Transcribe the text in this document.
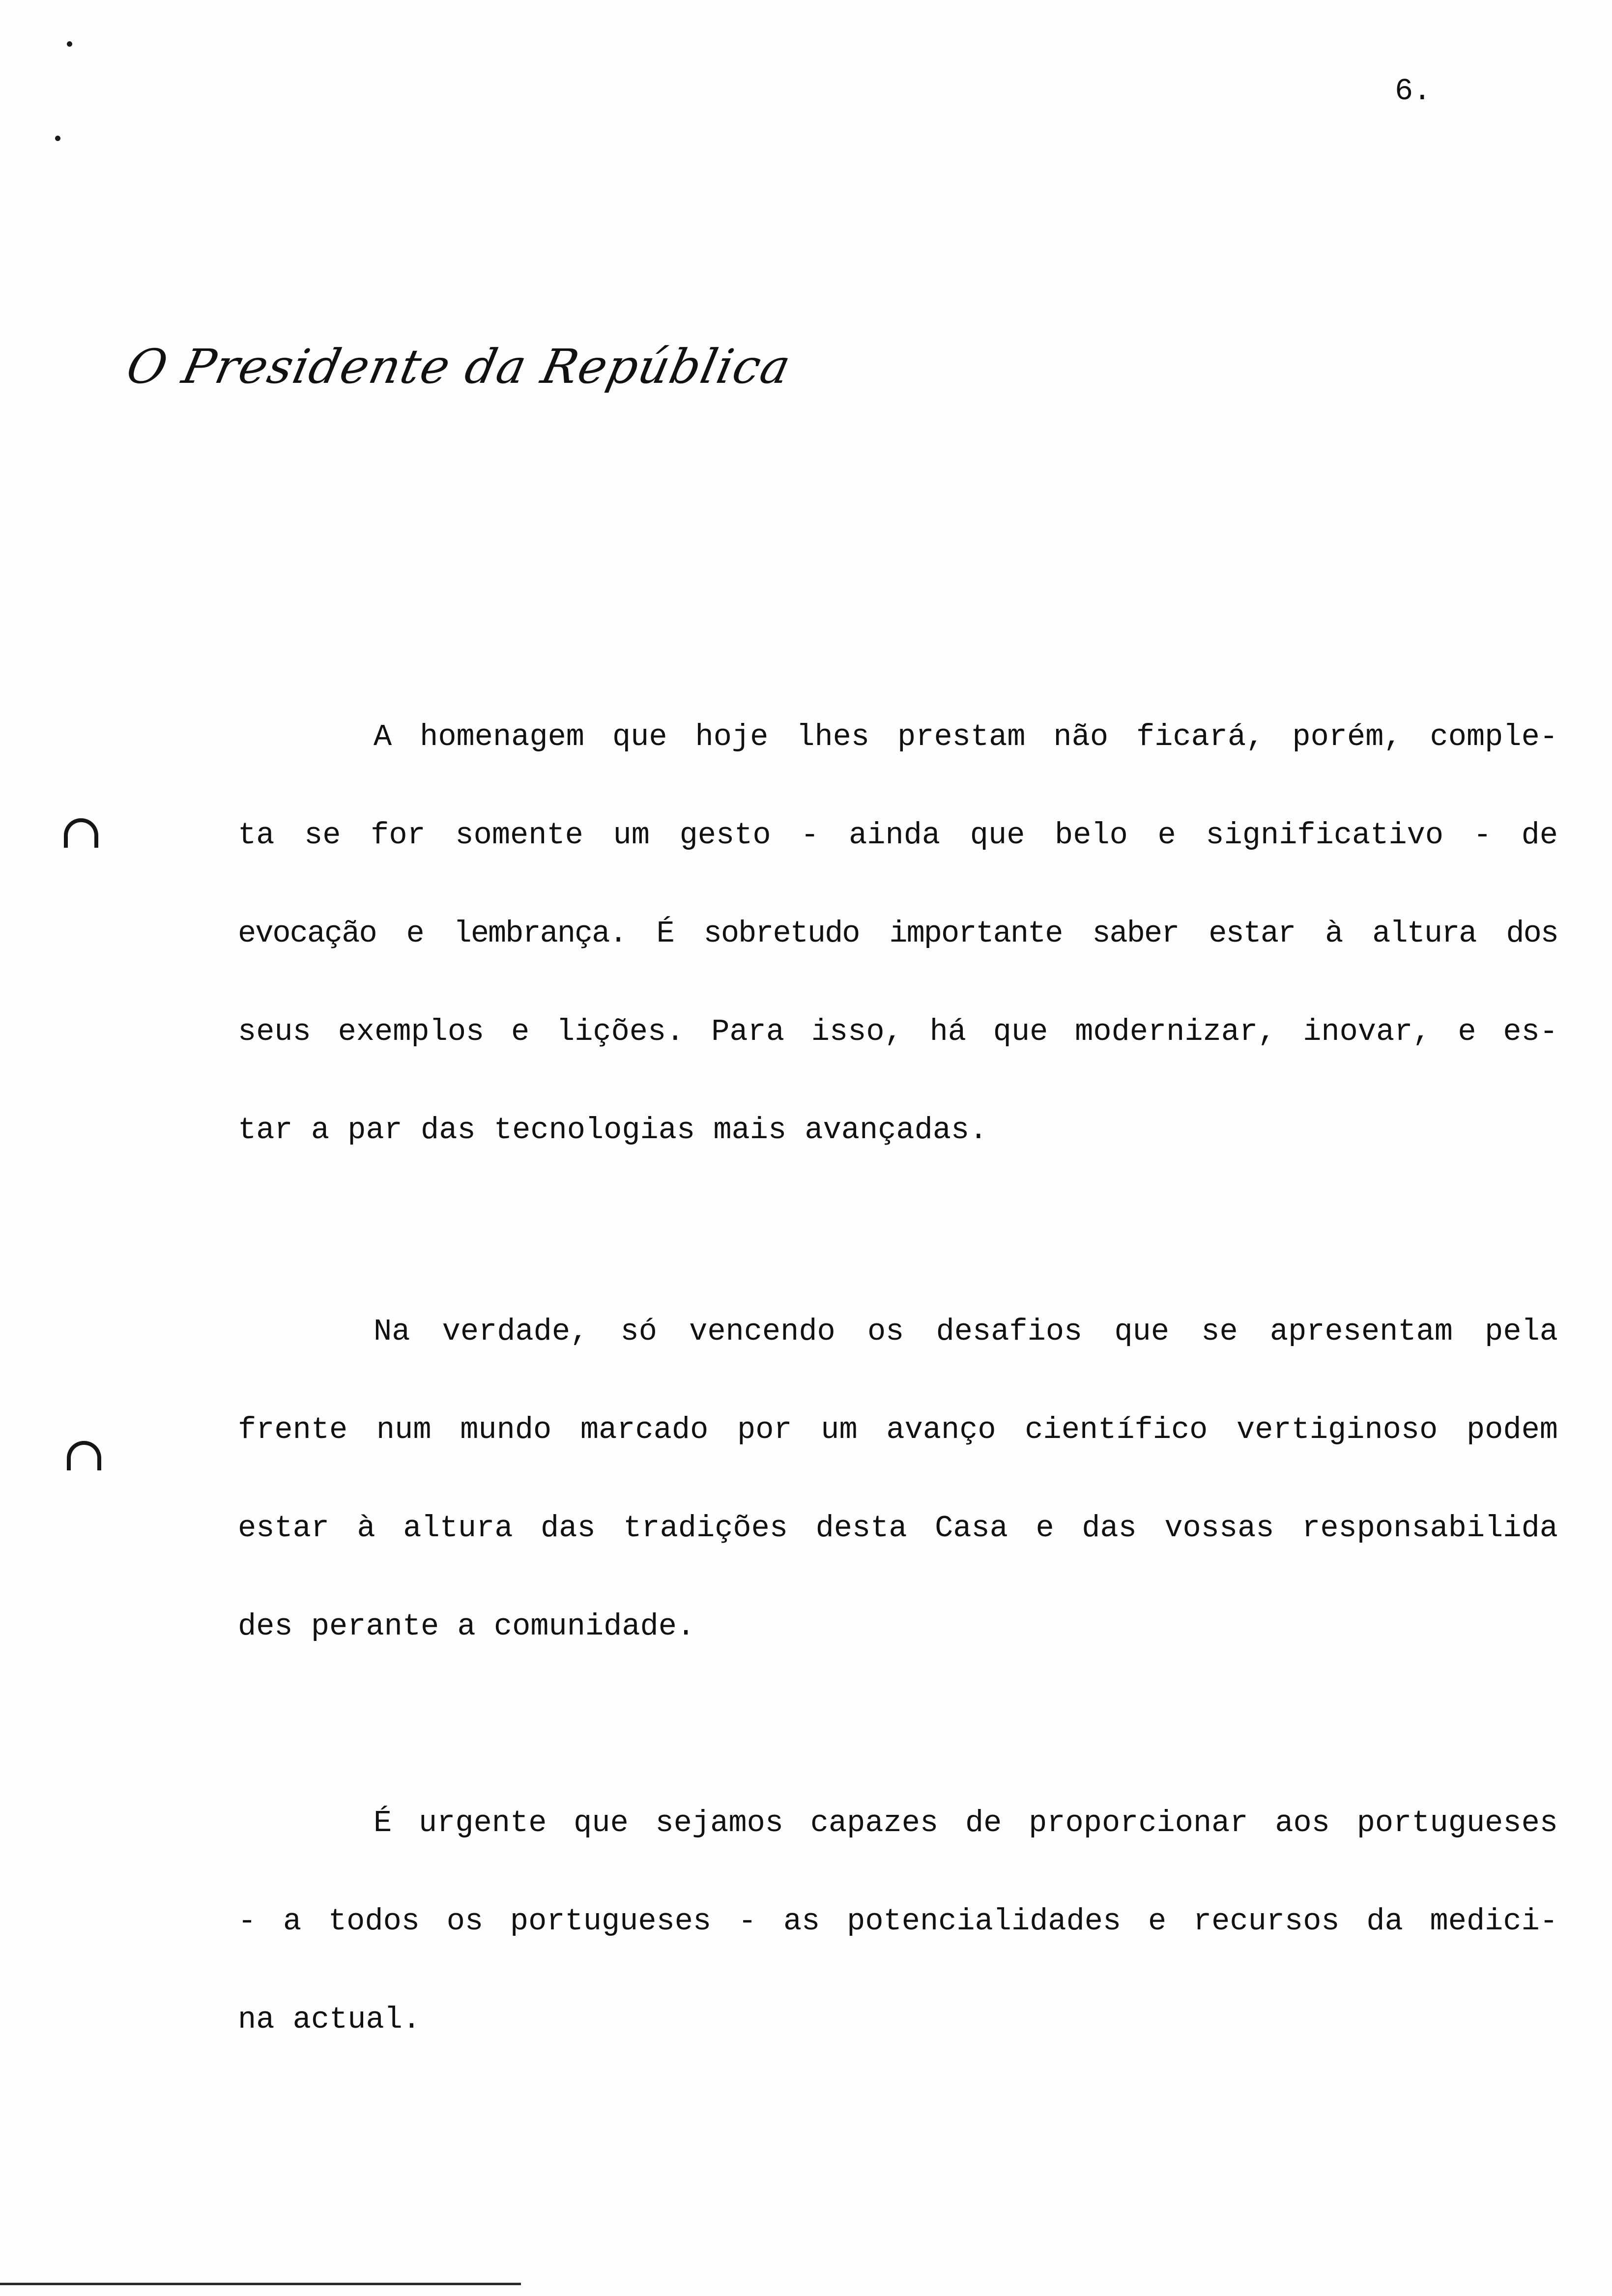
6.
O Presidente da República

A homenagem que hoje lhes prestam não ficará, porém, comple-

ta se for somente um gesto - ainda que belo e significativo - de

evocação e lembrança. É sobretudo importante saber estar à altura dos

seus exemplos e lições. Para isso, há que modernizar, inovar, e es-

tar a par das tecnologias mais avançadas.

Na verdade, só vencendo os desafios que se apresentam pela

frente num mundo marcado por um avanço científico vertiginoso podem

estar à altura das tradições desta Casa e das vossas responsabilida

des perante a comunidade.

É urgente que sejamos capazes de proporcionar aos portugueses

- a todos os portugueses - as potencialidades e recursos da medici-

na actual.
